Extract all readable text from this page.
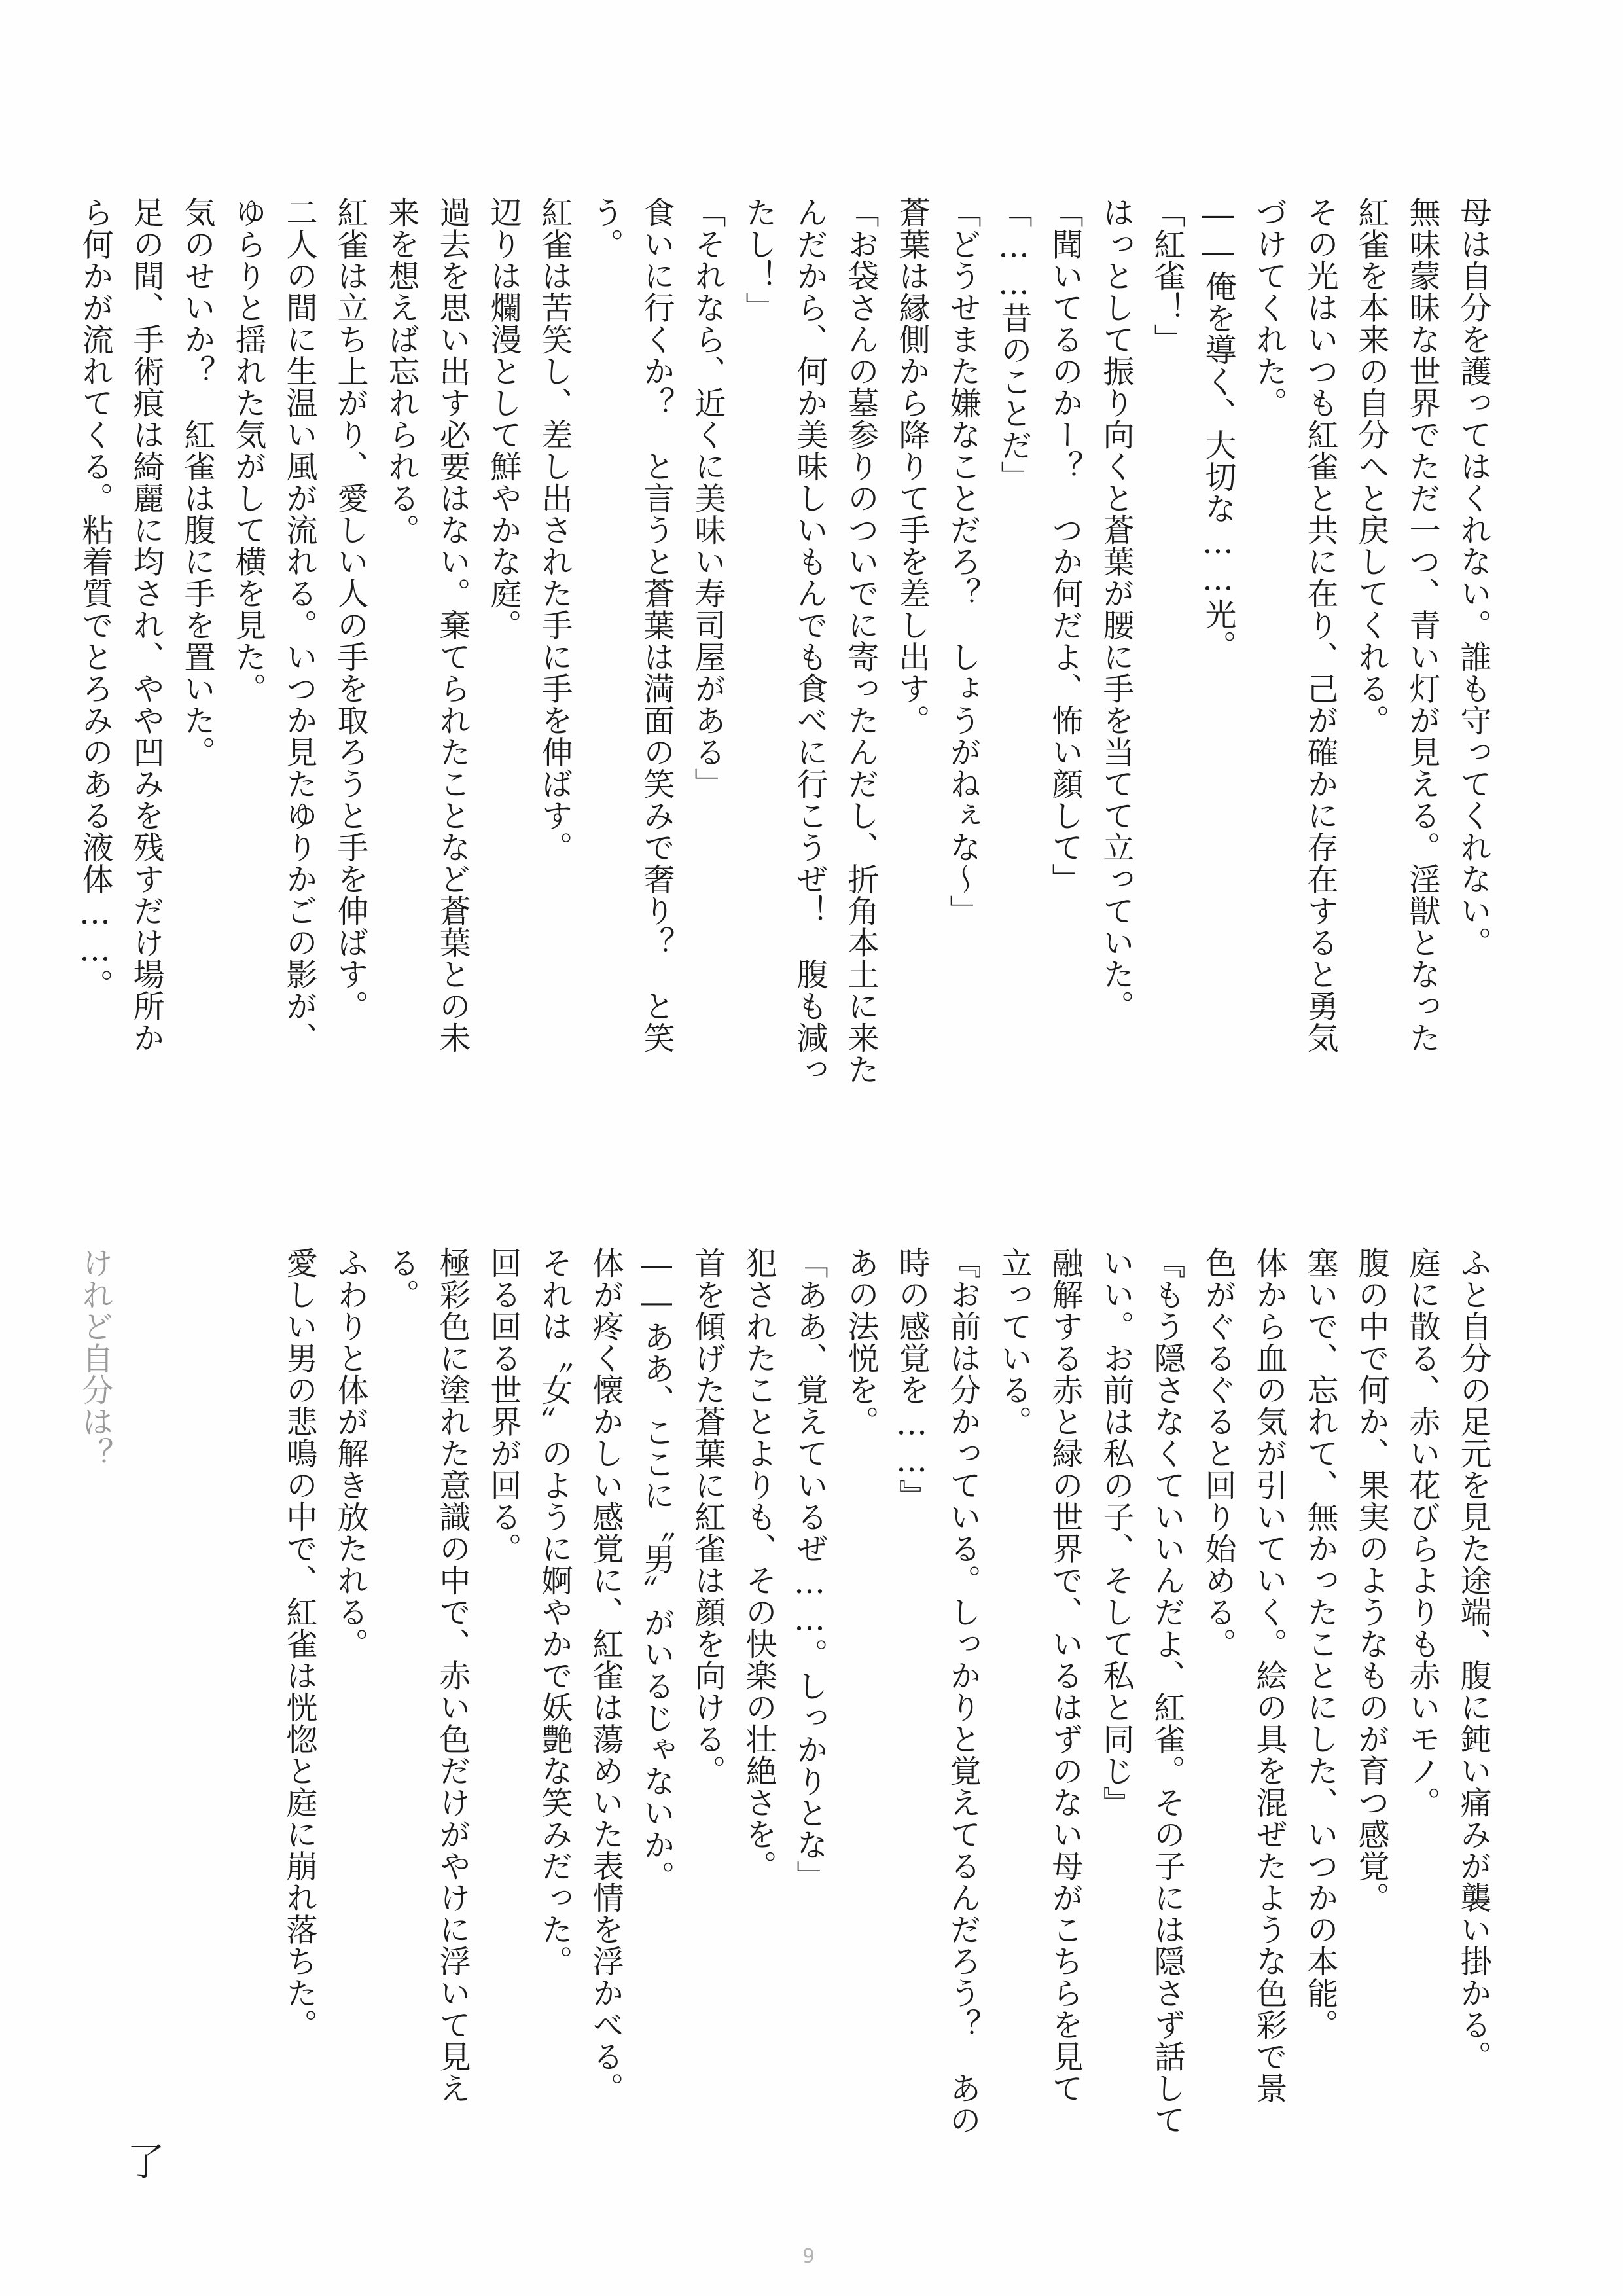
母は自分を護ってはくれない。誰も守ってくれない。
無味蒙昧な世界でただ一つ、青い灯が見える。淫獣となった
紅雀を本来の自分へと戻してくれる。
その光はいつも紅雀と共に在り、己が確かに存在すると勇気
づけてくれた。
――俺を導く、大切な……光。
「紅雀！」
はっとして振り向くと蒼葉が腰に手を当てて立っていた。
「聞いてるのかー？　つか何だよ、怖い顔して」
「……昔のことだ」
「どうせまた嫌なことだろ？　しょうがねぇな〜」
蒼葉は縁側から降りて手を差し出す。
「お袋さんの墓参りのついでに寄ったんだし、折角本土に来た
んだから、何か美味しいもんでも食べに行こうぜ！　腹も減っ
たし！」
「それなら、近くに美味い寿司屋がある」
食いに行くか？　と言うと蒼葉は満面の笑みで奢り？　と笑
う。
紅雀は苦笑し、差し出された手に手を伸ばす。
辺りは爛漫として鮮やかな庭。
過去を思い出す必要はない。棄てられたことなど蒼葉との未
来を想えば忘れられる。
紅雀は立ち上がり、愛しい人の手を取ろうと手を伸ばす。
二人の間に生温い風が流れる。いつか見たゆりかごの影が、
ゆらりと揺れた気がして横を見た。
気のせいか？　紅雀は腹に手を置いた。
足の間、手術痕は綺麗に均され、やや凹みを残すだけ場所か
ら何かが流れてくる。粘着質でとろみのある液体……。
ふと自分の足元を見た途端、腹に鈍い痛みが襲い掛かる。
庭に散る、赤い花びらよりも赤いモノ。
腹の中で何か、果実のようなものが育つ感覚。
塞いで、忘れて、無かったことにした、いつかの本能。
体から血の気が引いていく。絵の具を混ぜたような色彩で景
色がぐるぐると回り始める。
『もう隠さなくていいんだよ、紅雀。その子には隠さず話して
いい。お前は私の子、そして私と同じ』
融解する赤と緑の世界で、いるはずのない母がこちらを見て
立っている。
『お前は分かっている。しっかりと覚えてるんだろう？　あの
時の感覚を……』
あの法悦を。
「ああ、覚えているぜ……。しっかりとな」
犯されたことよりも、その快楽の壮絶さを。
首を傾げた蒼葉に紅雀は顔を向ける。
――ああ、ここに〝男〟がいるじゃないか。
体が疼く懐かしい感覚に、紅雀は蕩めいた表情を浮かべる。
それは〝女〟のように婀やかで妖艶な笑みだった。
回る回る世界が回る。
極彩色に塗れた意識の中で、赤い色だけがやけに浮いて見え
る。
ふわりと体が解き放たれる。
愛しい男の悲鳴の中で、紅雀は恍惚と庭に崩れ落ちた。

けれど自分は？
了
9
